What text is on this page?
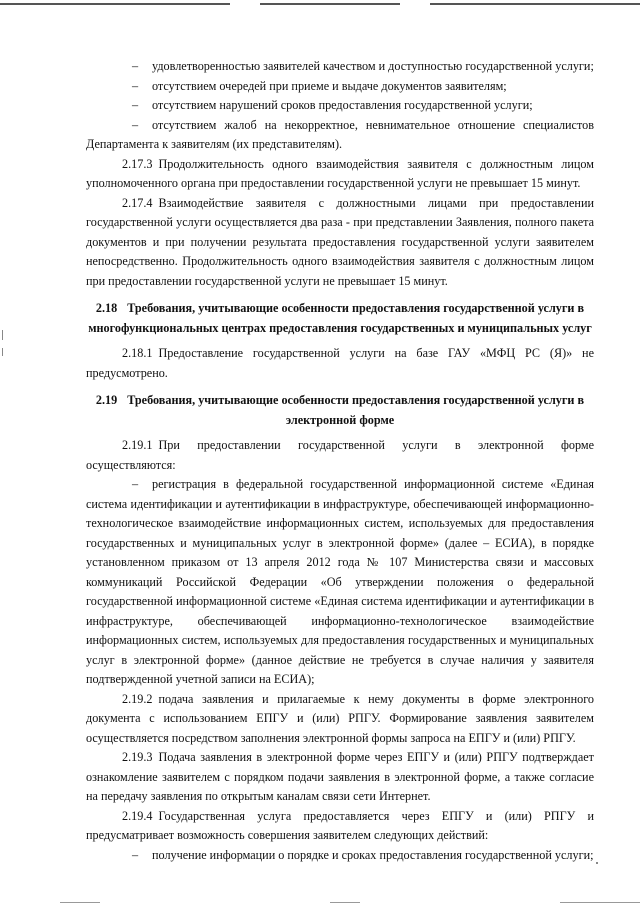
– удовлетворенностью заявителей качеством и доступностью государственной услуги;

– отсутствием очередей при приеме и выдаче документов заявителям;

– отсутствием нарушений сроков предоставления государственной услуги;

– отсутствием жалоб на некорректное, невнимательное отношение специалистов Департамента к заявителям (их представителям).

2.17.3 Продолжительность одного взаимодействия заявителя с должностным лицом уполномоченного органа при предоставлении государственной услуги не превышает 15 минут.

2.17.4 Взаимодействие заявителя с должностными лицами при предоставлении государственной услуги осуществляется два раза - при представлении Заявления, полного пакета документов и при получении результата предоставления государственной услуги заявителем непосредственно. Продолжительность одного взаимодействия заявителя с должностным лицом при предоставлении государственной услуги не превышает 15 минут.

2.18 Требования, учитывающие особенности предоставления государственной услуги в многофункциональных центрах предоставления государственных и муниципальных услуг

2.18.1 Предоставление государственной услуги на базе ГАУ «МФЦ РС (Я)» не предусмотрено.

2.19 Требования, учитывающие особенности предоставления государственной услуги в электронной форме

2.19.1 При предоставлении государственной услуги в электронной форме осуществляются:

– регистрация в федеральной государственной информационной системе «Единая система идентификации и аутентификации в инфраструктуре, обеспечивающей информационно-технологическое взаимодействие информационных систем, используемых для предоставления государственных и муниципальных услуг в электронной форме» (далее – ЕСИА), в порядке установленном приказом от 13 апреля 2012 года № 107 Министерства связи и массовых коммуникаций Российской Федерации «Об утверждении положения о федеральной государственной информационной системе «Единая система идентификации и аутентификации в инфраструктуре, обеспечивающей информационно-технологическое взаимодействие информационных систем, используемых для предоставления государственных и муниципальных услуг в электронной форме» (данное действие не требуется в случае наличия у заявителя подтвержденной учетной записи на ЕСИА);

2.19.2 подача заявления и прилагаемые к нему документы в форме электронного документа с использованием ЕПГУ и (или) РПГУ. Формирование заявления заявителем осуществляется посредством заполнения электронной формы запроса на ЕПГУ и (или) РПГУ.

2.19.3 Подача заявления в электронной форме через ЕПГУ и (или) РПГУ подтверждает ознакомление заявителем с порядком подачи заявления в электронной форме, а также согласие на передачу заявления по открытым каналам связи сети Интернет.

2.19.4 Государственная услуга предоставляется через ЕПГУ и (или) РПГУ и предусматривает возможность совершения заявителем следующих действий:

– получение информации о порядке и сроках предоставления государственной услуги;
